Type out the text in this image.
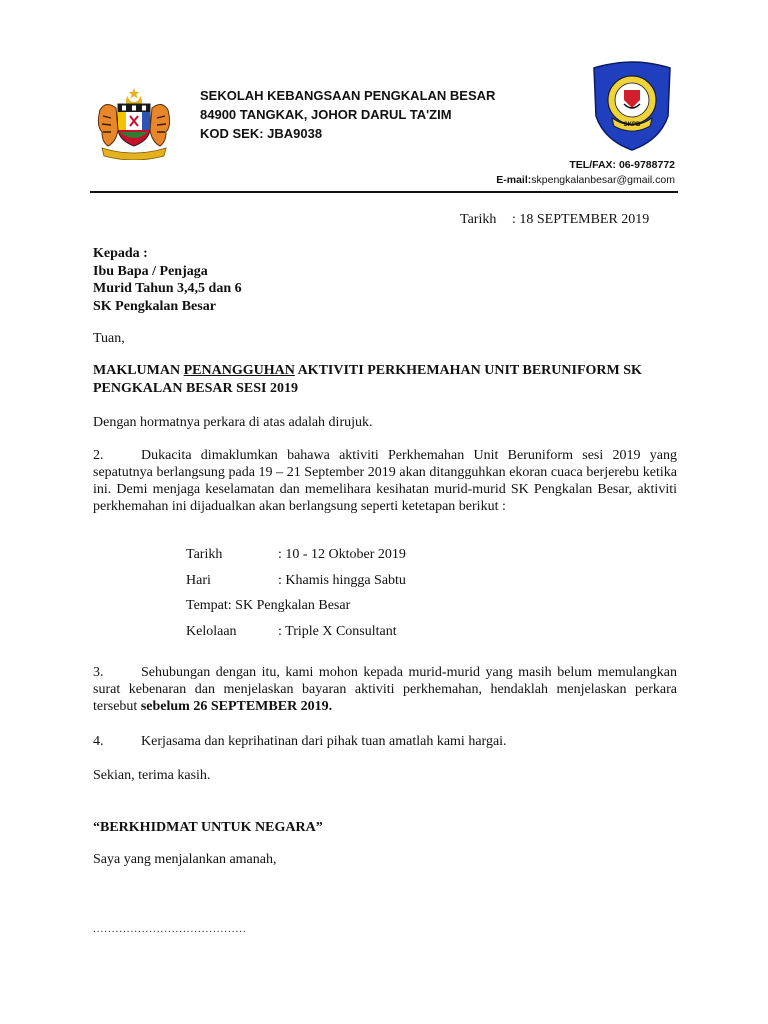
SEKOLAH KEBANGSAAN PENGKALAN BESAR
84900 TANGKAK, JOHOR DARUL TA'ZIM
KOD SEK: JBA9038
SKPB
TEL/FAX: 06-9788772
E-mail:skpengkalanbesar@gmail.com
Tarikh : 18 SEPTEMBER 2019
Kepada :
Ibu Bapa / Penjaga
Murid Tahun 3,4,5 dan 6
SK Pengkalan Besar
Tuan,
MAKLUMAN PENANGGUHAN AKTIVITI PERKHEMAHAN UNIT BERUNIFORM SK PENGKALAN BESAR SESI 2019
Dengan hormatnya perkara di atas adalah dirujuk.
2.	Dukacita dimaklumkan bahawa aktiviti Perkhemahan Unit Beruniform sesi 2019 yang sepatutnya berlangsung pada 19 – 21 September 2019 akan ditangguhkan ekoran cuaca berjerebu ketika ini. Demi menjaga keselamatan dan memelihara kesihatan murid-murid SK Pengkalan Besar, aktiviti perkhemahan ini dijadualkan akan berlangsung seperti ketetapan berikut :
Tarikh	: 10 - 12 Oktober 2019
Hari	: Khamis hingga Sabtu
Tempat: SK Pengkalan Besar
Kelolaan	: Triple X Consultant
3.	Sehubungan dengan itu, kami mohon kepada murid-murid yang masih belum memulangkan surat kebenaran dan menjelaskan bayaran aktiviti perkhemahan, hendaklah menjelaskan perkara tersebut sebelum 26 SEPTEMBER 2019.
4.	Kerjasama dan keprihatinan dari pihak tuan amatlah kami hargai.
Sekian, terima kasih.
“BERKHIDMAT UNTUK NEGARA”
Saya yang menjalankan amanah,
.........................................
